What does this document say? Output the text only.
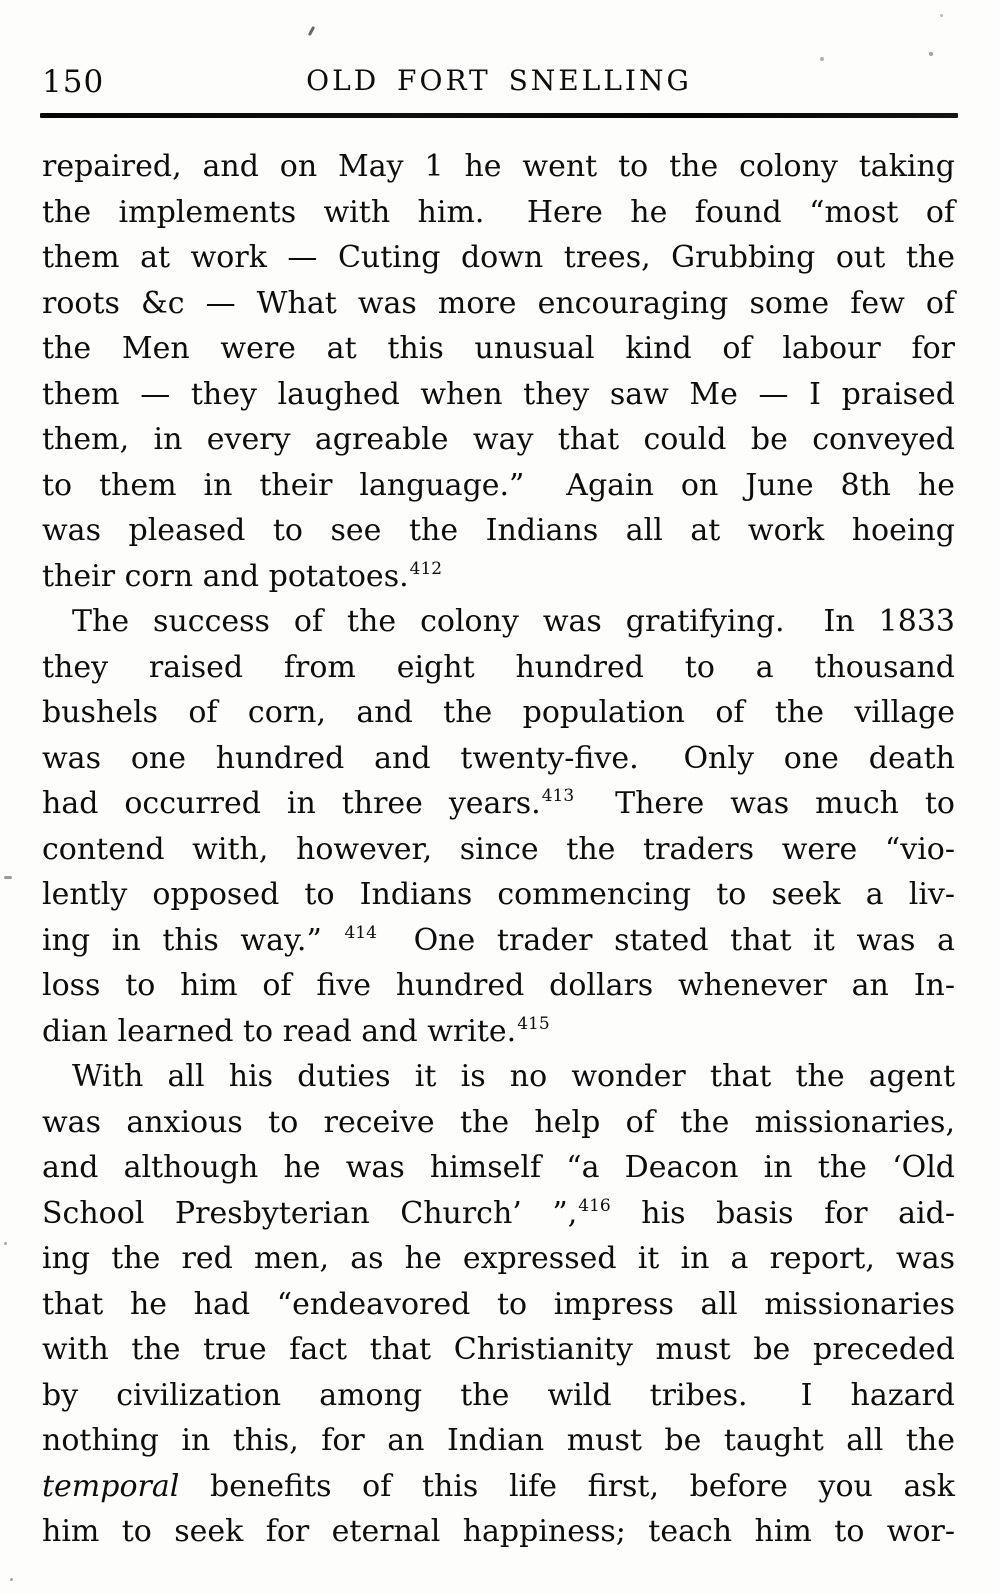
150	OLD FORT SNELLING
repaired, and on May 1 he went to the colony taking
the implements with him.  Here he found “most of
them at work — Cuting down trees, Grubbing out the
roots &c — What was more encouraging some few of
the Men were at this unusual kind of labour for
them — they laughed when they saw Me — I praised
them, in every agreable way that could be conveyed
to them in their language.”  Again on June 8th he
was pleased to see the Indians all at work hoeing
their corn and potatoes.$^{412}$
The success of the colony was gratifying.  In 1833
they raised from eight hundred to a thousand
bushels of corn, and the population of the village
was one hundred and twenty-five.  Only one death
had occurred in three years.$^{413}$  There was much to
contend with, however, since the traders were “vio-
lently opposed to Indians commencing to seek a liv-
ing in this way.” $^{414}$  One trader stated that it was a
loss to him of five hundred dollars whenever an In-
dian learned to read and write.$^{415}$
With all his duties it is no wonder that the agent
was anxious to receive the help of the missionaries,
and although he was himself “a Deacon in the ‘Old
School Presbyterian Church’ ”,$^{416}$ his basis for aid-
ing the red men, as he expressed it in a report, was
that he had “endeavored to impress all missionaries
with the true fact that Christianity must be preceded
by civilization among the wild tribes.  I hazard
nothing in this, for an Indian must be taught all the
temporal benefits of this life first, before you ask
him to seek for eternal happiness; teach him to wor-
